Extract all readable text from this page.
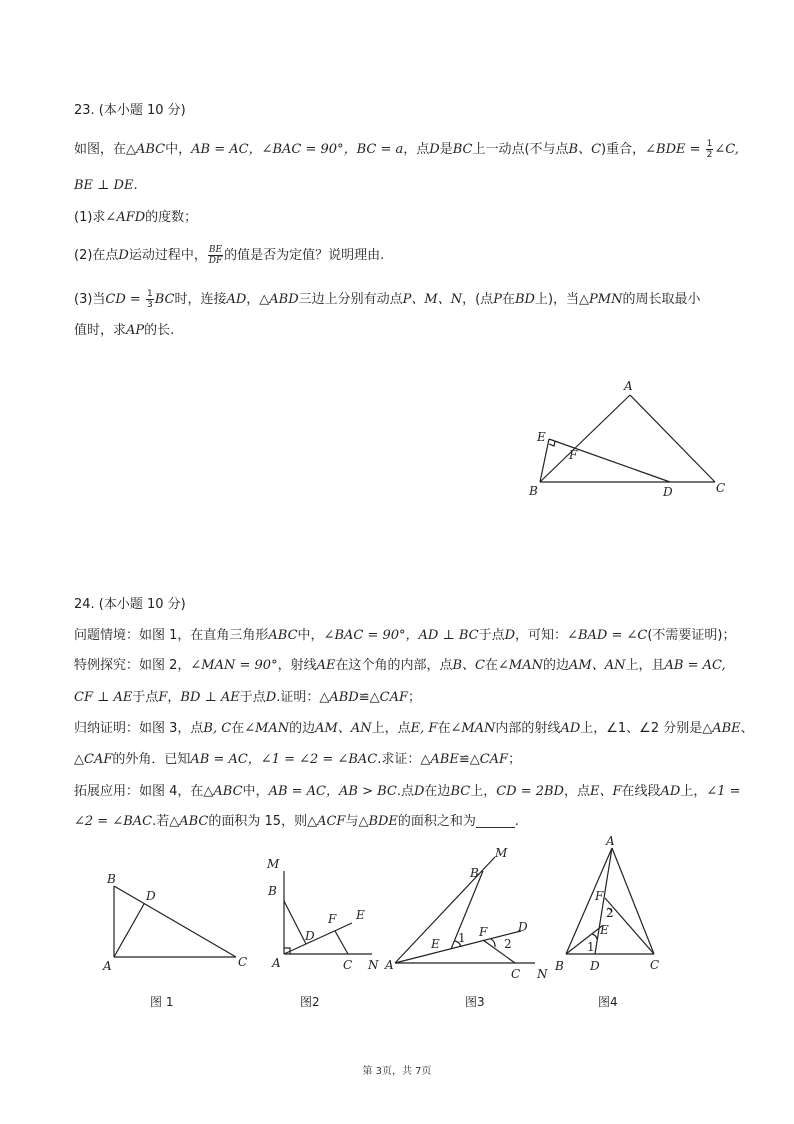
23. (本小题 10 分)
如图，在△ABC中，AB = AC，∠BAC = 90°，BC = a，点D是BC上一动点(不与点B、C)重合，∠BDE = $\frac{1}{2}$ ∠C,
BE ⊥ DE.
(1)求∠AFD的度数；
(2)在点D运动过程中， $\frac{BE}{DF}$ 的值是否为定值？说明理由.
(3)当CD = $\frac{1}{3}$ BC时，连接AD，△ABD三边上分别有动点P、M、N，(点P在BD上)，当△PMN的周长取最小
值时，求AP的长.
A
E
F
B	D	C
24. (本小题 10 分)
问题情境：如图 1，在直角三角形ABC中，∠BAC = 90°，AD ⊥ BC于点D，可知：∠BAD = ∠C(不需要证明)；
特例探究：如图 2，∠MAN = 90°，射线AE在这个角的内部，点B、C在∠MAN的边AM、AN上，且AB = AC,
CF ⊥ AE于点F，BD ⊥ AE于点D.证明：△ABD≌△CAF；
归纳证明：如图 3，点B, C在∠MAN的边AM、AN上，点E, F在∠MAN内部的射线AD上，∠1、∠2 分别是△ABE、
△CAF的外角．已知AB = AC，∠1 = ∠2 = ∠BAC.求证：△ABE≌△CAF；
拓展应用：如图 4，在△ABC中，AB = AC，AB > BC.点D在边BC上，CD = 2BD，点E、F在线段AD上，∠1 =
∠2 = ∠BAC.若△ABC的面积为 15，则△ACF与△BDE的面积之和为______.
B
D
A	C
图 1
M
B
F E
D
A	C N
图2
M
B
D
F
E 1	2
A
C N
图3
A
F
2
E
1
B D	C
图4
第 3页，共 7页
